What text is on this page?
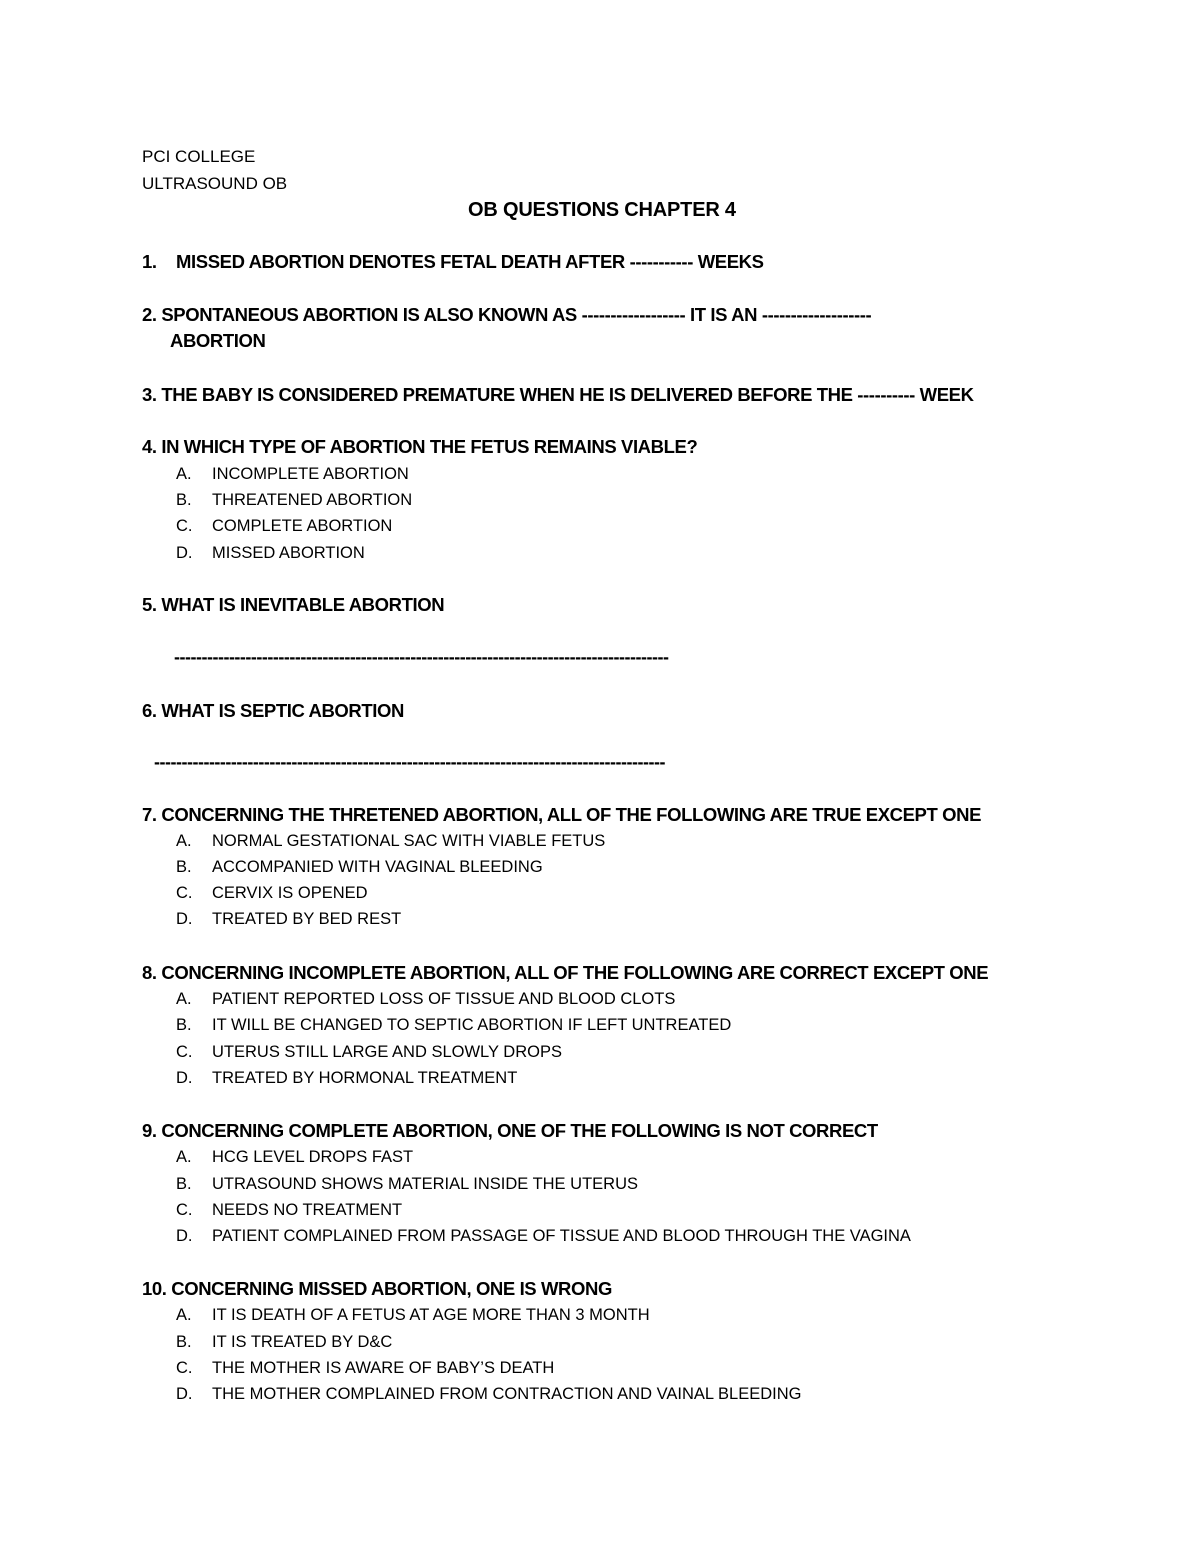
PCI COLLEGE
ULTRASOUND OB
OB QUESTIONS CHAPTER 4
1. MISSED ABORTION DENOTES FETAL DEATH AFTER ----------- WEEKS
2. SPONTANEOUS ABORTION IS ALSO KNOWN AS ------------------ IT IS AN -------------------
ABORTION
3. THE BABY IS CONSIDERED PREMATURE WHEN HE IS DELIVERED BEFORE THE ---------- WEEK
4. IN WHICH TYPE OF ABORTION THE FETUS REMAINS VIABLE?
A. INCOMPLETE ABORTION
B. THREATENED ABORTION
C. COMPLETE ABORTION
D. MISSED ABORTION
5. WHAT IS INEVITABLE ABORTION
------------------------------------------------------------------------------------------
6. WHAT IS SEPTIC ABORTION
---------------------------------------------------------------------------------------------
7. CONCERNING THE THRETENED ABORTION, ALL OF THE FOLLOWING ARE TRUE EXCEPT ONE
A. NORMAL GESTATIONAL SAC WITH VIABLE FETUS
B. ACCOMPANIED WITH VAGINAL BLEEDING
C. CERVIX IS OPENED
D. TREATED BY BED REST
8. CONCERNING INCOMPLETE ABORTION, ALL OF THE FOLLOWING ARE CORRECT EXCEPT ONE
A. PATIENT REPORTED LOSS OF TISSUE AND BLOOD CLOTS
B. IT WILL BE CHANGED TO SEPTIC ABORTION IF LEFT UNTREATED
C. UTERUS STILL LARGE AND SLOWLY DROPS
D. TREATED BY HORMONAL TREATMENT
9. CONCERNING COMPLETE ABORTION, ONE OF THE FOLLOWING IS NOT CORRECT
A. HCG LEVEL DROPS FAST
B. UTRASOUND SHOWS MATERIAL INSIDE THE UTERUS
C. NEEDS NO TREATMENT
D. PATIENT COMPLAINED FROM PASSAGE OF TISSUE AND BLOOD THROUGH THE VAGINA
10. CONCERNING MISSED ABORTION, ONE IS WRONG
A. IT IS DEATH OF A FETUS AT AGE MORE THAN 3 MONTH
B. IT IS TREATED BY D&C
C. THE MOTHER IS AWARE OF BABY’S DEATH
D. THE MOTHER COMPLAINED FROM CONTRACTION AND VAINAL BLEEDING
